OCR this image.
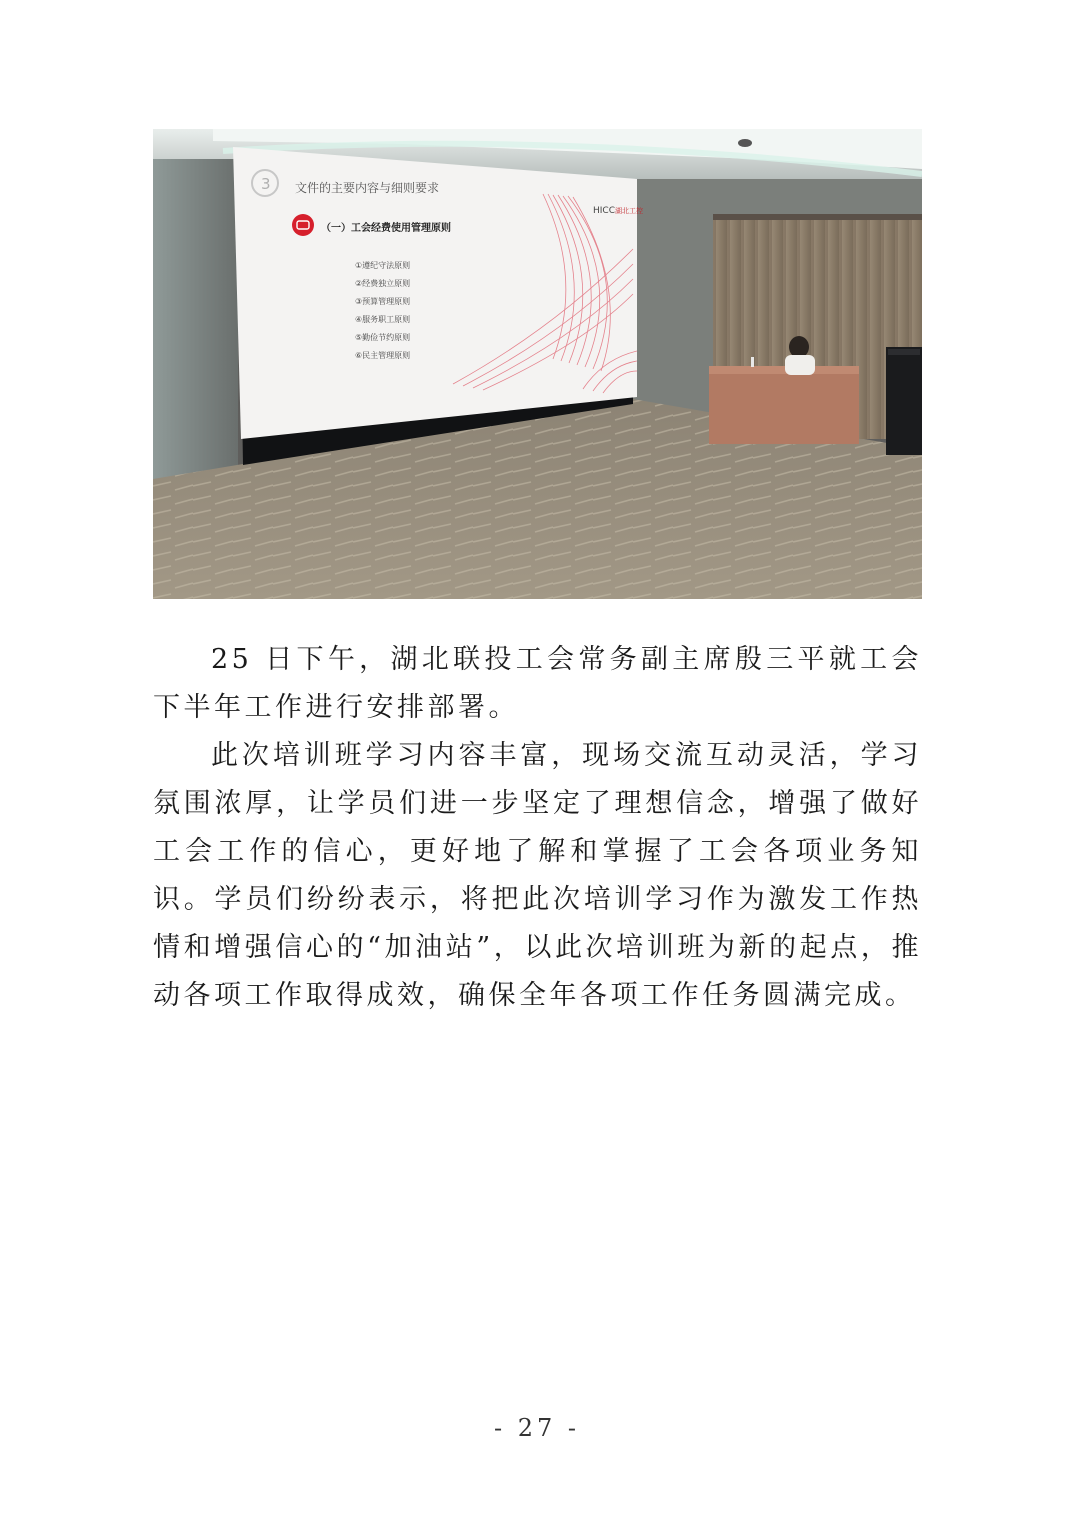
3 文件的主要内容与细则要求
HICC 湖北工控
（一）工会经费使用管理原则
①遵纪守法原则
②经费独立原则
③预算管理原则
④服务职工原则
⑤勤俭节约原则
⑥民主管理原则

25 日下午，湖北联投工会常务副主席殷三平就工会下半年工作进行安排部署。

此次培训班学习内容丰富，现场交流互动灵活，学习氛围浓厚，让学员们进一步坚定了理想信念，增强了做好工会工作的信心，更好地了解和掌握了工会各项业务知识。学员们纷纷表示，将把此次培训学习作为激发工作热情和增强信心的“加油站”，以此次培训班为新的起点，推动各项工作取得成效，确保全年各项工作任务圆满完成。

- 27 -
